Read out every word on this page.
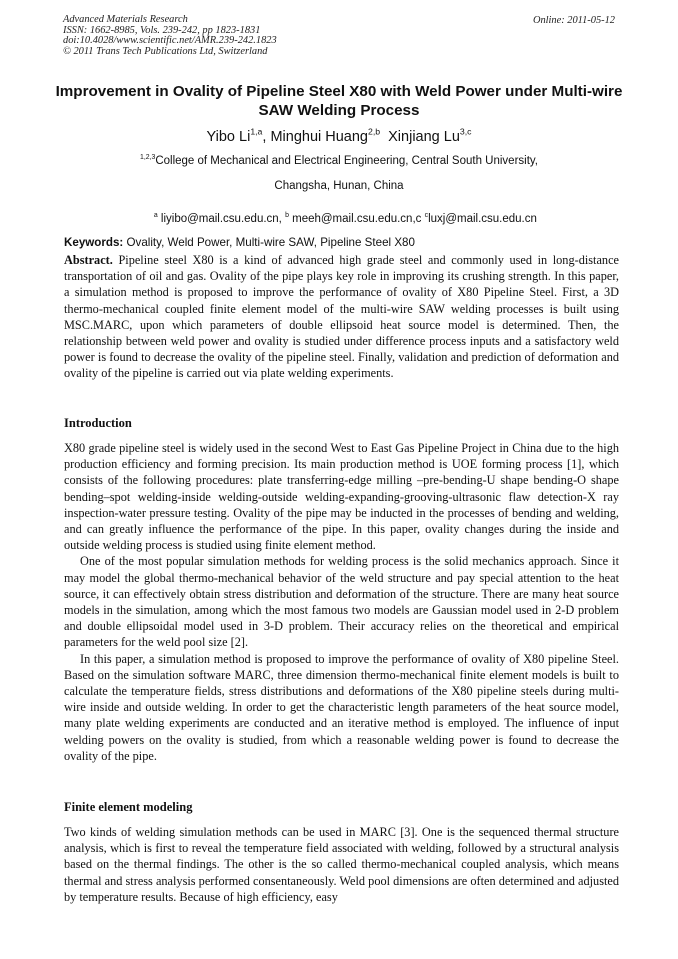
Advanced Materials Research
ISSN: 1662-8985, Vols. 239-242, pp 1823-1831
doi:10.4028/www.scientific.net/AMR.239-242.1823
© 2011 Trans Tech Publications Ltd, Switzerland
Online: 2011-05-12
Improvement in Ovality of Pipeline Steel X80 with Weld Power under Multi-wire SAW Welding Process
Yibo Li$^{1,a}$, Minghui Huang$^{2,b}$ Xinjiang Lu$^{3,c}$
$^{1,2,3}$College of Mechanical and Electrical Engineering, Central South University,
Changsha, Hunan, China

$^a$ liyibo@mail.csu.edu.cn, $^b$ meeh@mail.csu.edu.cn,c $^c$luxj@mail.csu.edu.cn

Keywords: Ovality, Weld Power, Multi-wire SAW, Pipeline Steel X80
Abstract. Pipeline steel X80 is a kind of advanced high grade steel and commonly used in long-distance transportation of oil and gas. Ovality of the pipe plays key role in improving its crushing strength. In this paper, a simulation method is proposed to improve the performance of ovality of X80 Pipeline Steel. First, a 3D thermo-mechanical coupled finite element model of the multi-wire SAW welding processes is built using MSC.MARC, upon which parameters of double ellipsoid heat source model is determined. Then, the relationship between weld power and ovality is studied under difference process inputs and a satisfactory weld power is found to decrease the ovality of the pipeline steel. Finally, validation and prediction of deformation and ovality of the pipeline is carried out via plate welding experiments.
Introduction

X80 grade pipeline steel is widely used in the second West to East Gas Pipeline Project in China due to the high production efficiency and forming precision. Its main production method is UOE forming process [1], which consists of the following procedures: plate transferring-edge milling –pre-bending-U shape bending-O shape bending–spot welding-inside welding-outside welding-expanding-grooving-ultrasonic flaw detection-X ray inspection-water pressure testing. Ovality of the pipe may be inducted in the processes of bending and welding, and can greatly influence the performance of the pipe. In this paper, ovality changes during the inside and outside welding process is studied using finite element method.

One of the most popular simulation methods for welding process is the solid mechanics approach. Since it may model the global thermo-mechanical behavior of the weld structure and pay special attention to the heat source, it can effectively obtain stress distribution and deformation of the structure. There are many heat source models in the simulation, among which the most famous two models are Gaussian model used in 2-D problem and double ellipsoidal model used in 3-D problem. Their accuracy relies on the theoretical and empirical parameters for the weld pool size [2].

In this paper, a simulation method is proposed to improve the performance of ovality of X80 pipeline Steel. Based on the simulation software MARC, three dimension thermo-mechanical finite element models is built to calculate the temperature fields, stress distributions and deformations of the X80 pipeline steels during multi-wire inside and outside welding. In order to get the characteristic length parameters of the heat source model, many plate welding experiments are conducted and an iterative method is employed. The influence of input welding powers on the ovality is studied, from which a reasonable welding power is found to decrease the ovality of the pipe.

Finite element modeling

Two kinds of welding simulation methods can be used in MARC [3]. One is the sequenced thermal structure analysis, which is first to reveal the temperature field associated with welding, followed by a structural analysis based on the thermal findings. The other is the so called thermo-mechanical coupled analysis, which means thermal and stress analysis performed consentaneously. Weld pool dimensions are often determined and adjusted by temperature results. Because of high efficiency, easy
